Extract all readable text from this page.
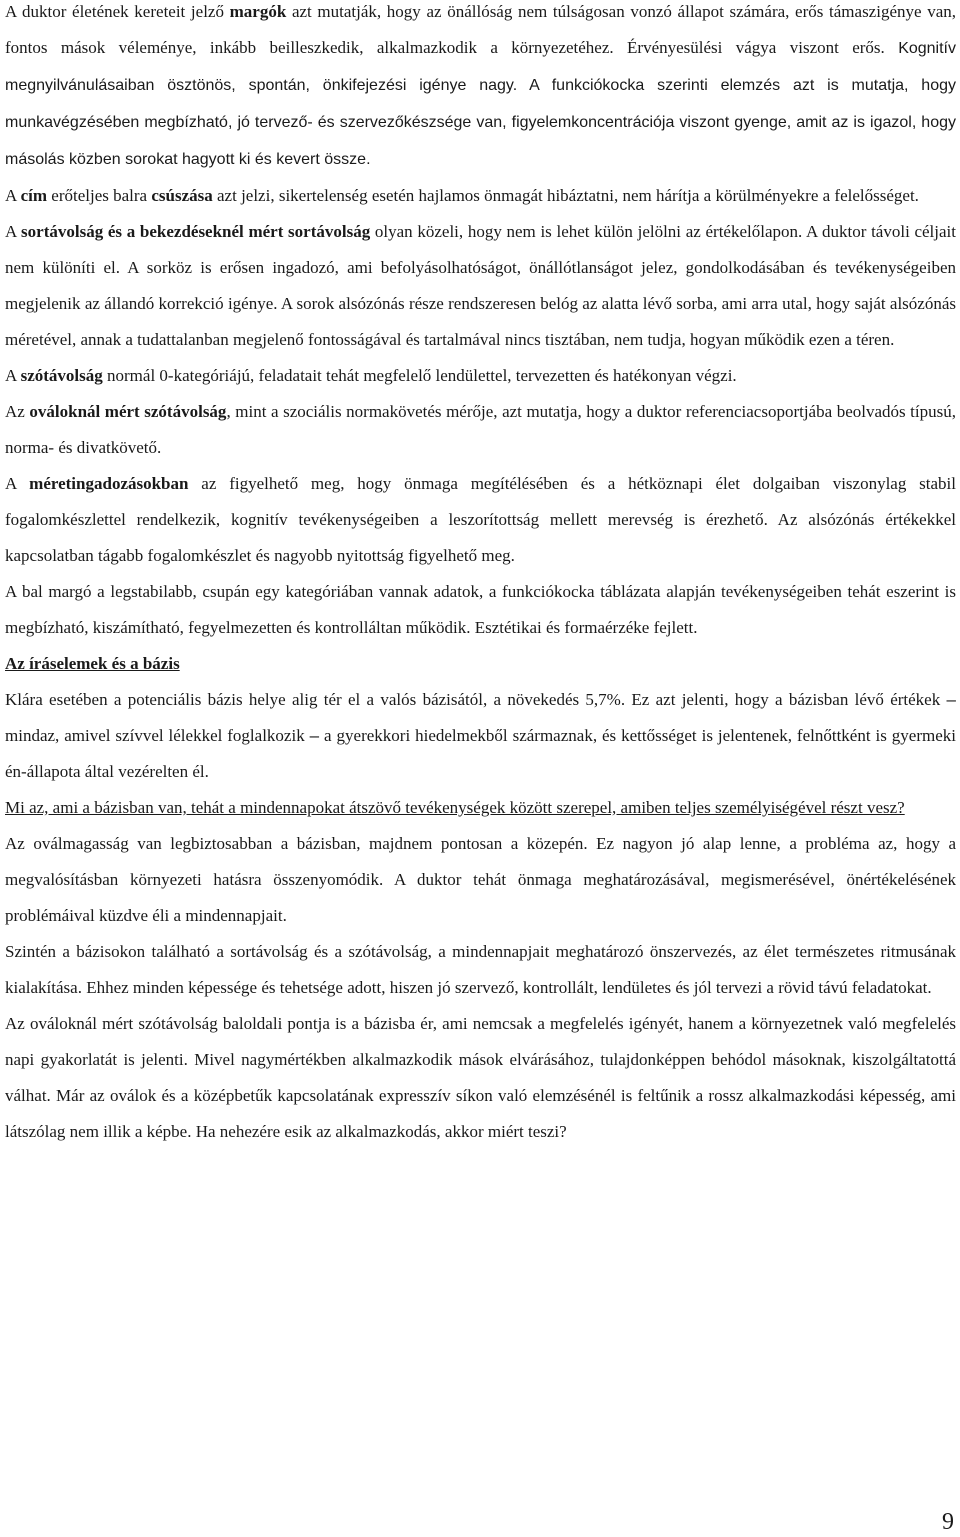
A duktor életének kereteit jelző margók azt mutatják, hogy az önállóság nem túlságosan vonzó állapot számára, erős támaszigénye van, fontos mások véleménye, inkább beilleszkedik, alkalmazkodik a környezetéhez. Érvényesülési vágya viszont erős. Kognitív megnyilvánulásaiban ösztönös, spontán, önkifejezési igénye nagy. A funkciókocka szerinti elemzés azt is mutatja, hogy munkavégzésében megbízható, jó tervező- és szervezőkészsége van, figyelemkoncentrációja viszont gyenge, amit az is igazol, hogy másolás közben sorokat hagyott ki és kevert össze.

A cím erőteljes balra csúszása azt jelzi, sikertelenség esetén hajlamos önmagát hibáztatni, nem hárítja a körülményekre a felelősséget.

A sortávolság és a bekezdéseknél mért sortávolság olyan közeli, hogy nem is lehet külön jelölni az értékelőlapon. A duktor távoli céljait nem különíti el. A sorköz is erősen ingadozó, ami befolyásolhatóságot, önállótlanságot jelez, gondolkodásában és tevékenységeiben megjelenik az állandó korrekció igénye. A sorok alsózónás része rendszeresen belóg az alatta lévő sorba, ami arra utal, hogy saját alsózónás méretével, annak a tudattalanban megjelenő fontosságával és tartalmával nincs tisztában, nem tudja, hogyan működik ezen a téren.

A szótávolság normál 0-kategóriájú, feladatait tehát megfelelő lendülettel, tervezetten és hatékonyan végzi.

Az ováloknál mért szótávolság, mint a szociális normakövetés mérője, azt mutatja, hogy a duktor referenciacsoportjába beolvadós típusú, norma- és divatkövető.

A méretingadozásokban az figyelhető meg, hogy önmaga megítélésében és a hétköznapi élet dolgaiban viszonylag stabil fogalomkészlettel rendelkezik, kognitív tevékenységeiben a leszorítottság mellett merevség is érezhető. Az alsózónás értékekkel kapcsolatban tágabb fogalomkészlet és nagyobb nyitottság figyelhető meg.

A bal margó a legstabilabb, csupán egy kategóriában vannak adatok, a funkciókocka táblázata alapján tevékenységeiben tehát eszerint is megbízható, kiszámítható, fegyelmezetten és kontrolláltan működik. Esztétikai és formaérzéke fejlett.

Az íráselemek és a bázis

Klára esetében a potenciális bázis helye alig tér el a valós bázisától, a növekedés 5,7%. Ez azt jelenti, hogy a bázisban lévő értékek – mindaz, amivel szívvel lélekkel foglalkozik – a gyerekkori hiedelmekből származnak, és kettősséget is jelentenek, felnőttként is gyermeki én-állapota által vezérelten él.

Mi az, ami a bázisban van, tehát a mindennapokat átszövő tevékenységek között szerepel, amiben teljes személyiségével részt vesz?

Az oválmagasság van legbiztosabban a bázisban, majdnem pontosan a közepén. Ez nagyon jó alap lenne, a probléma az, hogy a megvalósításban környezeti hatásra összenyomódik. A duktor tehát önmaga meghatározásával, megismerésével, önértékelésének problémáival küzdve éli a mindennapjait.

Szintén a bázisokon található a sortávolság és a szótávolság, a mindennapjait meghatározó önszervezés, az élet természetes ritmusának kialakítása. Ehhez minden képessége és tehetsége adott, hiszen jó szervező, kontrollált, lendületes és jól tervezi a rövid távú feladatokat.

Az ováloknál mért szótávolság baloldali pontja is a bázisba ér, ami nemcsak a megfelelés igényét, hanem a környezetnek való megfelelés napi gyakorlatát is jelenti. Mivel nagymértékben alkalmazkodik mások elvárásához, tulajdonképpen behódol másoknak, kiszolgáltatottá válhat. Már az oválok és a középbetűk kapcsolatának expresszív síkon való elemzésénél is feltűnik a rossz alkalmazkodási képesség, ami látszólag nem illik a képbe. Ha nehezére esik az alkalmazkodás, akkor miért teszi?

9
